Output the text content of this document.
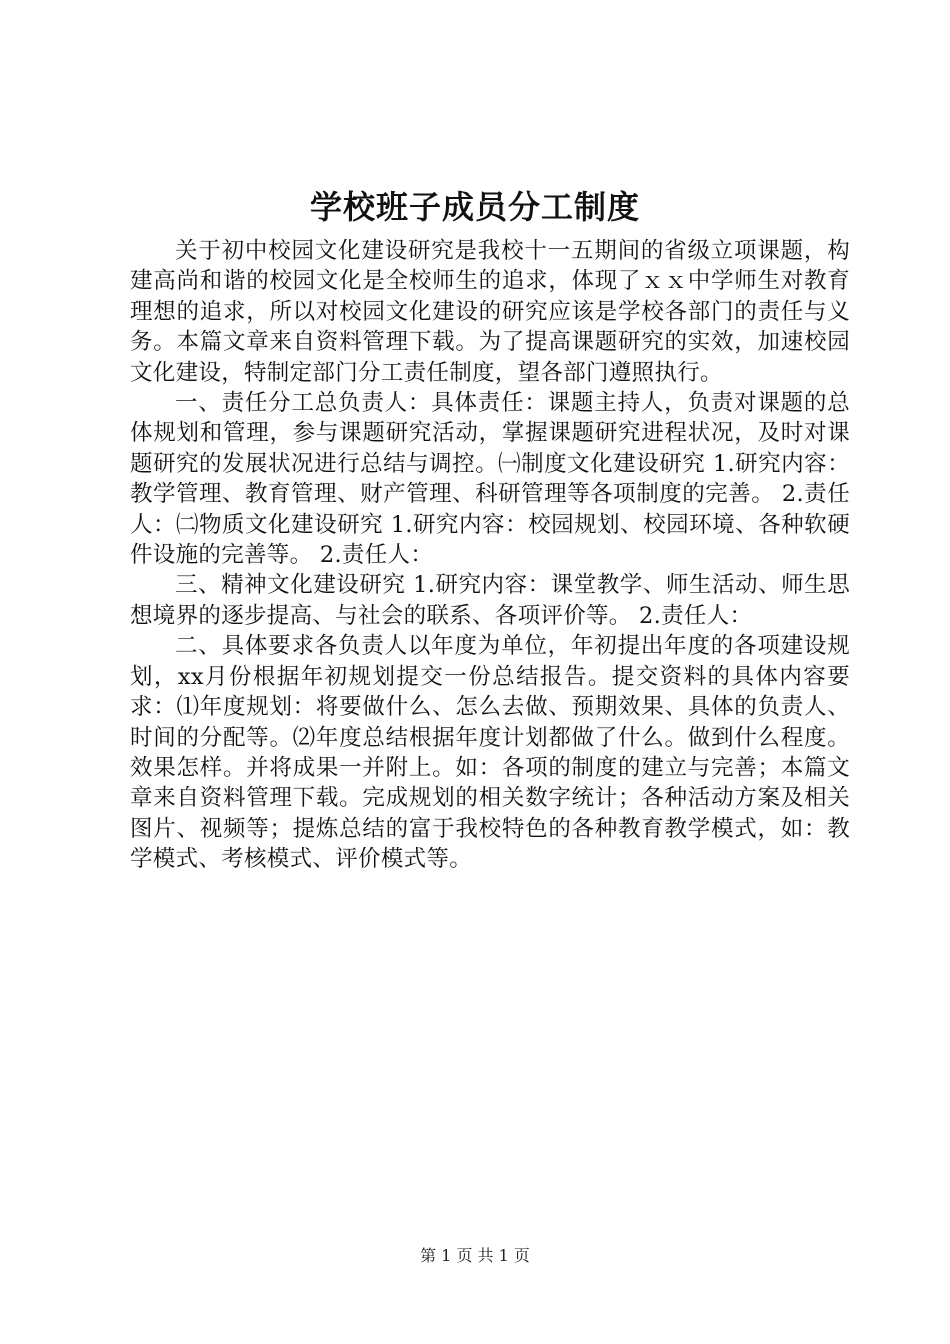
学校班子成员分工制度

关于初中校园文化建设研究是我校十一五期间的省级立项课题，构建高尚和谐的校园文化是全校师生的追求，体现了ｘｘ中学师生对教育理想的追求，所以对校园文化建设的研究应该是学校各部门的责任与义务。本篇文章来自资料管理下载。为了提高课题研究的实效，加速校园文化建设，特制定部门分工责任制度，望各部门遵照执行。

一、责任分工总负责人：具体责任：课题主持人，负责对课题的总体规划和管理，参与课题研究活动，掌握课题研究进程状况，及时对课题研究的发展状况进行总结与调控。㈠制度文化建设研究 1.研究内容：教学管理、教育管理、财产管理、科研管理等各项制度的完善。 2.责任人：㈡物质文化建设研究 1.研究内容：校园规划、校园环境、各种软硬件设施的完善等。 2.责任人：

三、精神文化建设研究 1.研究内容：课堂教学、师生活动、师生思想境界的逐步提高、与社会的联系、各项评价等。 2.责任人：

二、具体要求各负责人以年度为单位，年初提出年度的各项建设规划，xx月份根据年初规划提交一份总结报告。提交资料的具体内容要求：⑴年度规划：将要做什么、怎么去做、预期效果、具体的负责人、时间的分配等。⑵年度总结根据年度计划都做了什么。做到什么程度。效果怎样。并将成果一并附上。如：各项的制度的建立与完善；本篇文章来自资料管理下载。完成规划的相关数字统计；各种活动方案及相关图片、视频等；提炼总结的富于我校特色的各种教育教学模式，如：教学模式、考核模式、评价模式等。

第 1 页 共 1 页
